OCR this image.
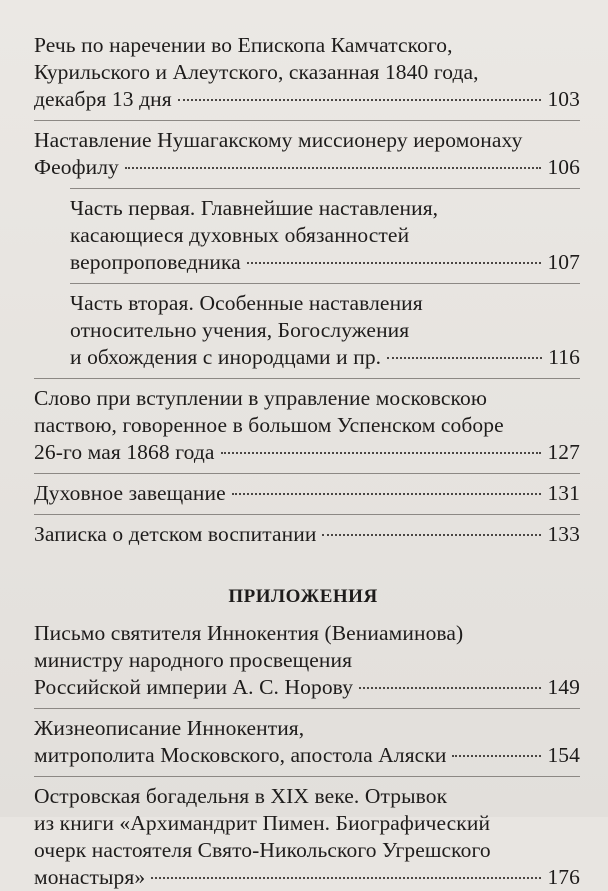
Речь по наречении во Епископа Камчатского,
Курильского и Алеутского, сказанная 1840 года,
декабря 13 дня	103
Наставление Нушагакскому миссионеру иеромонаху
Феофилу	106
Часть первая. Главнейшие наставления,
касающиеся духовных обязанностей
веропроповедника	107
Часть вторая. Особенные наставления
относительно учения, Богослужения
и обхождения с инородцами и пр.	116
Слово при вступлении в управление московскою
паствою, говоренное в большом Успенском соборе
26-го мая 1868 года	127
Духовное завещание	131
Записка о детском воспитании	133
ПРИЛОЖЕНИЯ
Письмо святителя Иннокентия (Вениаминова)
министру народного просвещения
Российской империи А. С. Норову	149
Жизнеописание Иннокентия,
митрополита Московского, апостола Аляски	154
Островская богадельня в XIX веке. Отрывок
из книги «Архимандрит Пимен. Биографический
очерк настоятеля Свято-Никольского Угрешского
монастыря»	176
